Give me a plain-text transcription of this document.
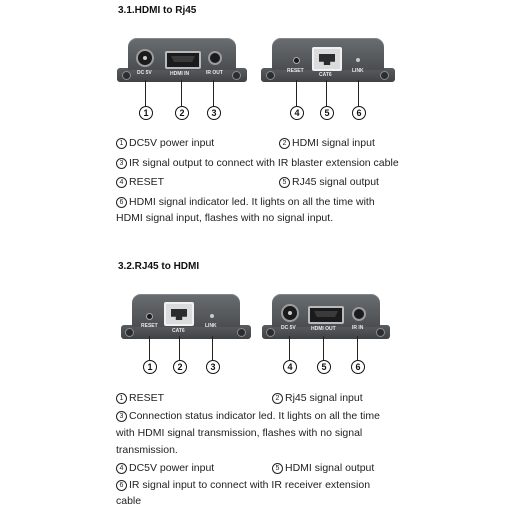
3.1.HDMI to Rj45
DC 5V	HDMI IN	IR OUT	RESET
CAT6
LINK
1	2	3	4	5	6
1 DC5V power input	2 HDMI signal input
3 IR signal output to connect with IR blaster extension cable
4 RESET	5 RJ45 signal output
6 HDMI signal indicator led. It lights on all the time with HDMI signal input, flashes with no signal input.
3.2.RJ45 to HDMI
RESET
CAT6
LINK	DC 5V	HDMI OUT	IR IN
1	2	3	4	5	6
1 RESET	2 Rj45 signal input
3 Connection status indicator led. It lights on all the time with HDMI signal transmission, flashes with no signal transmission.
4 DC5V power input	5 HDMI signal output
6 IR signal input to connect with IR receiver extension cable
